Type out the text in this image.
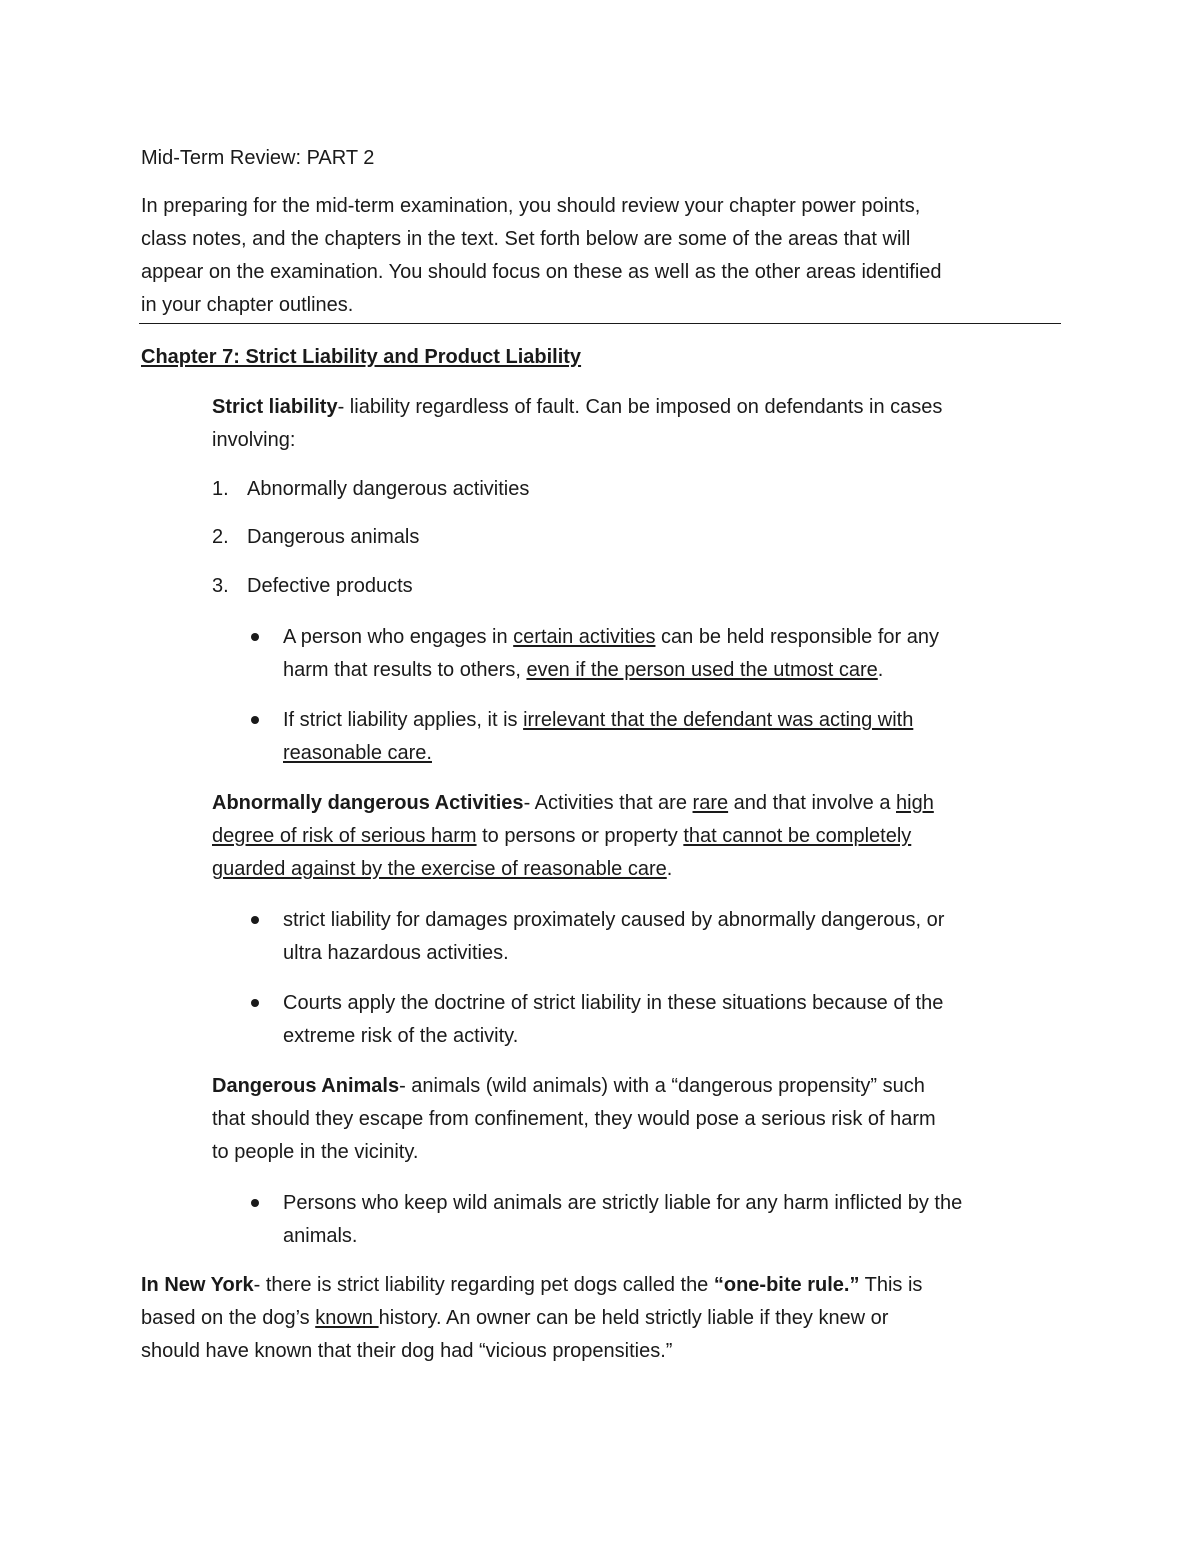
Mid-Term Review: PART 2

In preparing for the mid-term examination, you should review your chapter power points,

class notes, and the chapters in the text. Set forth below are some of the areas that will

appear on the examination. You should focus on these as well as the other areas identified

in your chapter outlines.

Chapter 7: Strict Liability and Product Liability

Strict liability- liability regardless of fault. Can be imposed on defendants in cases

involving:

1. Abnormally dangerous activities
2. Dangerous animals
3. Defective products

A person who engages in certain activities can be held responsible for any

harm that results to others, even if the person used the utmost care.

If strict liability applies, it is irrelevant that the defendant was acting with

reasonable care.

Abnormally dangerous Activities- Activities that are rare and that involve a high

degree of risk of serious harm to persons or property that cannot be completely

guarded against by the exercise of reasonable care.

strict liability for damages proximately caused by abnormally dangerous, or

ultra hazardous activities.

Courts apply the doctrine of strict liability in these situations because of the

extreme risk of the activity.

Dangerous Animals- animals (wild animals) with a “dangerous propensity” such

that should they escape from confinement, they would pose a serious risk of harm

to people in the vicinity.

Persons who keep wild animals are strictly liable for any harm inflicted by the

animals.

In New York- there is strict liability regarding pet dogs called the “one-bite rule.” This is

based on the dog’s known history. An owner can be held strictly liable if they knew or

should have known that their dog had “vicious propensities.”
